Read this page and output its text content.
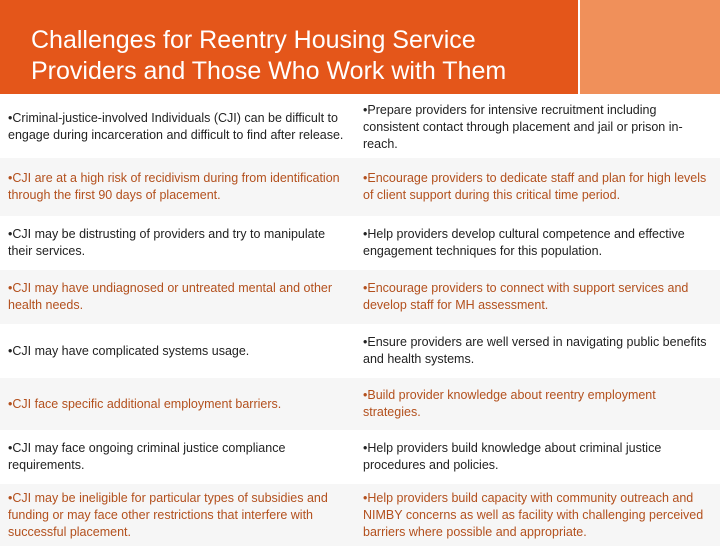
Challenges for Reentry Housing Service Providers and Those Who Work with Them
•Criminal-justice-involved Individuals (CJI) can be difficult to engage during incarceration and difficult to find after release.
•Prepare providers for intensive recruitment including consistent contact through placement and jail or prison in-reach.
•CJI are at a high risk of recidivism during from identification through the first 90 days of placement.
•Encourage providers to dedicate staff and plan for high levels of client support during this critical time period.
•CJI may be distrusting of providers and try to manipulate their services.
•Help providers develop cultural competence and effective engagement techniques for this population.
•CJI may have undiagnosed or untreated mental and other health needs.
•Encourage providers to connect with support services and develop staff for MH assessment.
•CJI may have complicated systems usage.
•Ensure providers are well versed in navigating public benefits and health systems.
•CJI face specific additional employment barriers.
•Build provider knowledge about reentry employment strategies.
•CJI may face ongoing criminal justice compliance requirements.
•Help providers build knowledge about criminal justice procedures and policies.
•CJI may be ineligible for particular types of subsidies and funding or may face other restrictions that interfere with successful placement.
•Help providers build capacity with community outreach and NIMBY concerns as well as facility with challenging perceived barriers where possible and appropriate.
